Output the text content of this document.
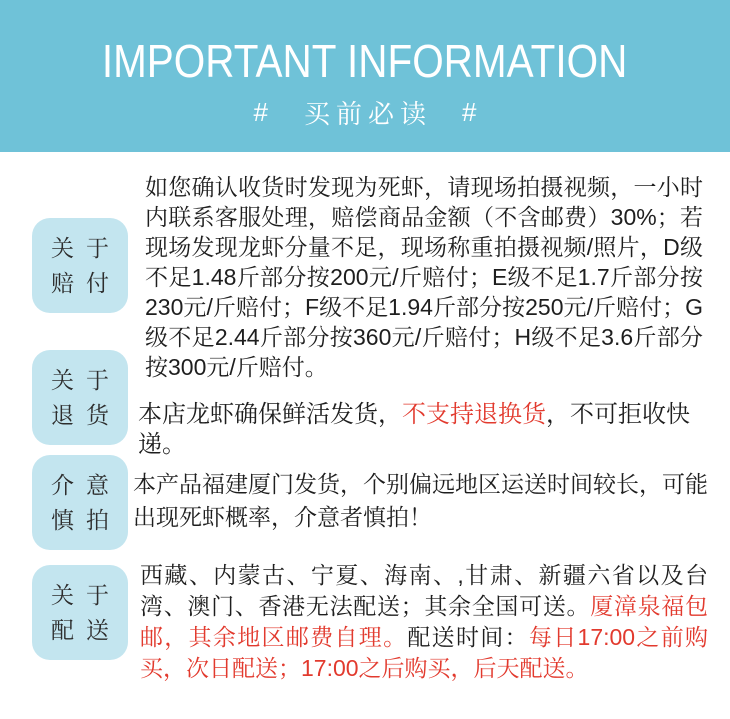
IMPORTANT INFORMATION
# 买前必读 #
关于
赔付
如您确认收货时发现为死虾，请现场拍摄视频，一小时内联系客服处理，赔偿商品金额（不含邮费）30%；若现场发现龙虾分量不足，现场称重拍摄视频/照片，D级不足1.48斤部分按200元/斤赔付；E级不足1.7斤部分按230元/斤赔付；F级不足1.94斤部分按250元/斤赔付；G级不足2.44斤部分按360元/斤赔付；H级不足3.6斤部分按300元/斤赔付。
关于
退货 本店龙虾确保鲜活发货，不支持退换货，不可拒收快递。
介意
慎拍
本产品福建厦门发货，个别偏远地区运送时间较长，可能出现死虾概率，介意者慎拍！
关于
配送
西藏、内蒙古、宁夏、海南、,甘肃、新疆六省以及台湾、澳门、香港无法配送；其余全国可送。厦漳泉福包邮，其余地区邮费自理。配送时间：每日17:00之前购买，次日配送；17:00之后购买，后天配送。
